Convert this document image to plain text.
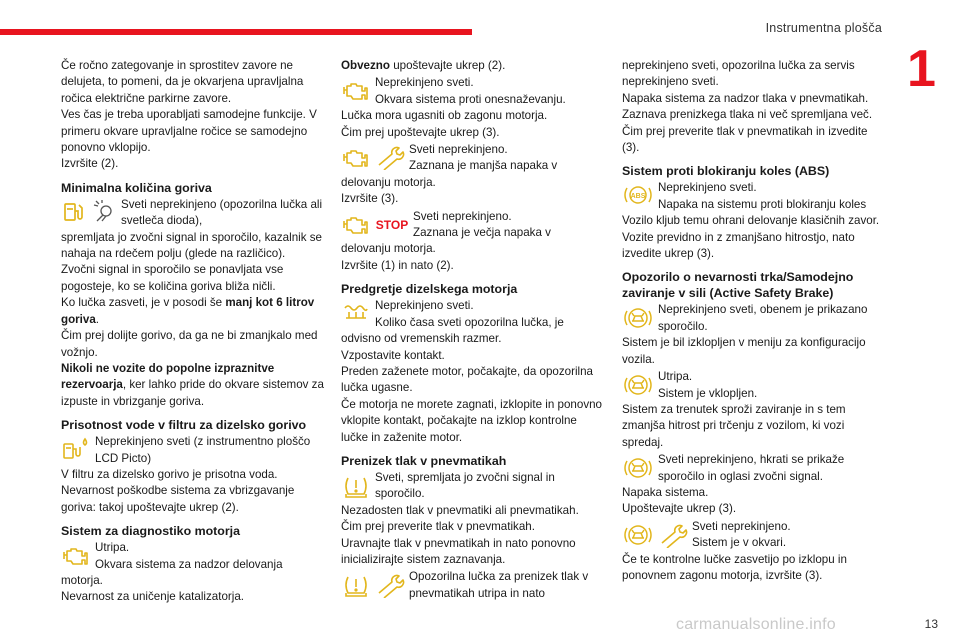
Instrumentna plošča
1

Če ročno zategovanje in sprostitev zavore ne delujeta, to pomeni, da je okvarjena upravljalna ročica električne parkirne zavore.

Ves čas je treba uporabljati samodejne funkcije. V primeru okvare upravljalne ročice se samodejno ponovno vklopijo.

Izvršite (2).

Minimalna količina goriva
Sveti neprekinjeno (opozorilna lučka ali svetleča dioda),

spremljata jo zvočni signal in sporočilo, kazalnik se nahaja na rdečem polju (glede na različico).

Zvočni signal in sporočilo se ponavljata vse pogosteje, ko se količina goriva bliža ničli.

Ko lučka zasveti, je v posodi še manj kot 6 litrov goriva.

Čim prej dolijte gorivo, da ga ne bi zmanjkalo med vožnjo.

Nikoli ne vozite do popolne izpraznitve rezervoarja, ker lahko pride do okvare sistemov za izpuste in vbrizganje goriva.

Prisotnost vode v filtru za dizelsko gorivo
Neprekinjeno sveti (z instrumentno ploščo LCD Picto)

V filtru za dizelsko gorivo je prisotna voda.

Nevarnost poškodbe sistema za vbrizgavanje goriva: takoj upoštevajte ukrep (2).

Sistem za diagnostiko motorja
Utripa.
Okvara sistema za nadzor delovanja

motorja.

Nevarnost za uničenje katalizatorja.

Obvezno upoštevajte ukrep (2).

Neprekinjeno sveti.
Okvara sistema proti onesnaževanju.

Lučka mora ugasniti ob zagonu motorja.

Čim prej upoštevajte ukrep (3).

Sveti neprekinjeno.
Zaznana je manjša napaka v

delovanju motorja.

Izvršite (3).

STOP
Sveti neprekinjeno.
Zaznana je večja napaka v

delovanju motorja.

Izvršite (1) in nato (2).

Predgretje dizelskega motorja
Neprekinjeno sveti.
Koliko časa sveti opozorilna lučka, je

odvisno od vremenskih razmer.

Vzpostavite kontakt.

Preden zaženete motor, počakajte, da opozorilna lučka ugasne.

Če motorja ne morete zagnati, izklopite in ponovno vklopite kontakt, počakajte na izklop kontrolne lučke in zaženite motor.

Prenizek tlak v pnevmatikah
Sveti, spremljata jo zvočni signal in sporočilo.

Nezadosten tlak v pnevmatiki ali pnevmatikah.

Čim prej preverite tlak v pnevmatikah.

Uravnajte tlak v pnevmatikah in nato ponovno inicializirajte sistem zaznavanja.

Opozorilna lučka za prenizek tlak v pnevmatikah utripa in nato

neprekinjeno sveti, opozorilna lučka za servis neprekinjeno sveti.

Napaka sistema za nadzor tlaka v pnevmatikah.

Zaznava prenizkega tlaka ni več spremljana več.

Čim prej preverite tlak v pnevmatikah in izvedite (3).

Sistem proti blokiranju koles (ABS)
ABS
Neprekinjeno sveti.
Napaka na sistemu proti blokiranju koles

Vozilo kljub temu ohrani delovanje klasičnih zavor.

Vozite previdno in z zmanjšano hitrostjo, nato izvedite ukrep (3).

Opozorilo o nevarnosti trka/Samodejno zaviranje v sili (Active Safety Brake)
Neprekinjeno sveti, obenem je prikazano sporočilo.

Sistem je bil izklopljen v meniju za konfiguracijo vozila.

Utripa.
Sistem je vklopljen.

Sistem za trenutek sproži zaviranje in s tem zmanjša hitrost pri trčenju z vozilom, ki vozi spredaj.

Sveti neprekinjeno, hkrati se prikaže sporočilo in oglasi zvočni signal.

Napaka sistema.

Upoštevajte ukrep (3).

Sveti neprekinjeno.
Sistem je v okvari.

Če te kontrolne lučke zasvetijo po izklopu in ponovnem zagonu motorja, izvršite (3).

carmanualsonline.info	13
